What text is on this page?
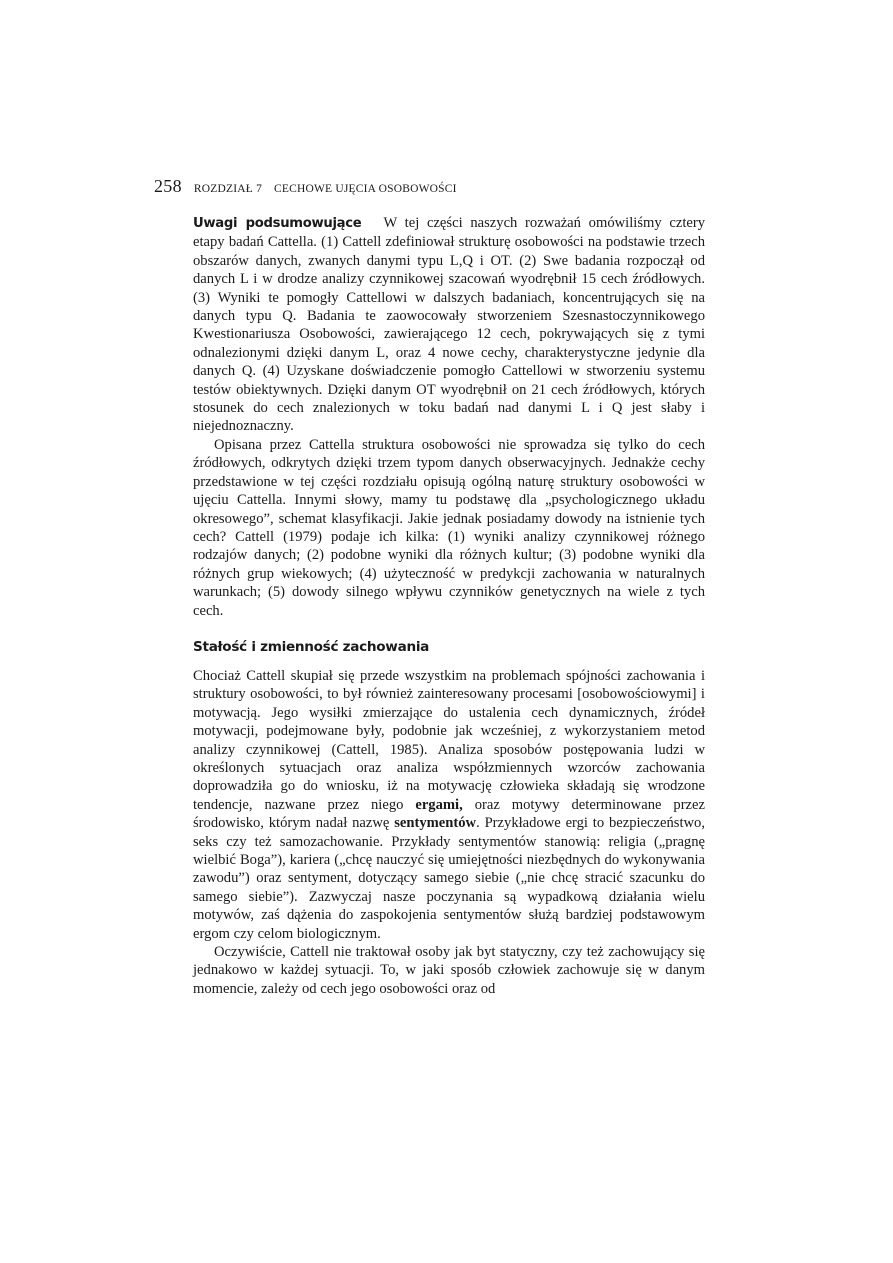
258 ROZDZIAŁ 7 CECHOWE UJĘCIA OSOBOWOŚCI

Uwagi podsumowujące W tej części naszych rozważań omówiliśmy cztery etapy badań Cattella. (1) Cattell zdefiniował strukturę osobowości na podstawie trzech obszarów danych, zwanych danymi typu L,Q i OT. (2) Swe badania rozpoczął od danych L i w drodze analizy czynnikowej szacowań wyodrębnił 15 cech źródłowych. (3) Wyniki te pomogły Cattellowi w dalszych badaniach, koncentrujących się na danych typu Q. Badania te zaowocowały stworzeniem Szesnastoczynnikowego Kwestionariusza Osobowości, zawierającego 12 cech, pokrywających się z tymi odnalezionymi dzięki danym L, oraz 4 nowe cechy, charakterystyczne jedynie dla danych Q. (4) Uzyskane doświadczenie pomogło Cattellowi w stworzeniu systemu testów obiektywnych. Dzięki danym OT wyodrębnił on 21 cech źródłowych, których stosunek do cech znalezionych w toku badań nad danymi L i Q jest słaby i niejednoznaczny.

Opisana przez Cattella struktura osobowości nie sprowadza się tylko do cech źródłowych, odkrytych dzięki trzem typom danych obserwacyjnych. Jednakże cechy przedstawione w tej części rozdziału opisują ogólną naturę struktury osobowości w ujęciu Cattella. Innymi słowy, mamy tu podstawę dla „psychologicznego układu okresowego”, schemat klasyfikacji. Jakie jednak posiadamy dowody na istnienie tych cech? Cattell (1979) podaje ich kilka: (1) wyniki analizy czynnikowej różnego rodzajów danych; (2) podobne wyniki dla różnych kultur; (3) podobne wyniki dla różnych grup wiekowych; (4) użyteczność w predykcji zachowania w naturalnych warunkach; (5) dowody silnego wpływu czynników genetycznych na wiele z tych cech.

Stałość i zmienność zachowania

Chociaż Cattell skupiał się przede wszystkim na problemach spójności zachowania i struktury osobowości, to był również zainteresowany procesami [osobowościowymi] i motywacją. Jego wysiłki zmierzające do ustalenia cech dynamicznych, źródeł motywacji, podejmowane były, podobnie jak wcześniej, z wykorzystaniem metod analizy czynnikowej (Cattell, 1985). Analiza sposobów postępowania ludzi w określonych sytuacjach oraz analiza współzmiennych wzorców zachowania doprowadziła go do wniosku, iż na motywację człowieka składają się wrodzone tendencje, nazwane przez niego ergami, oraz motywy determinowane przez środowisko, którym nadał nazwę sentymentów. Przykładowe ergi to bezpieczeństwo, seks czy też samozachowanie. Przykłady sentymentów stanowią: religia („pragnę wielbić Boga”), kariera („chcę nauczyć się umiejętności niezbędnych do wykonywania zawodu”) oraz sentyment, dotyczący samego siebie („nie chcę stracić szacunku do samego siebie”). Zazwyczaj nasze poczynania są wypadkową działania wielu motywów, zaś dążenia do zaspokojenia sentymentów służą bardziej podstawowym ergom czy celom biologicznym.

Oczywiście, Cattell nie traktował osoby jak byt statyczny, czy też zachowujący się jednakowo w każdej sytuacji. To, w jaki sposób człowiek zachowuje się w danym momencie, zależy od cech jego osobowości oraz od
